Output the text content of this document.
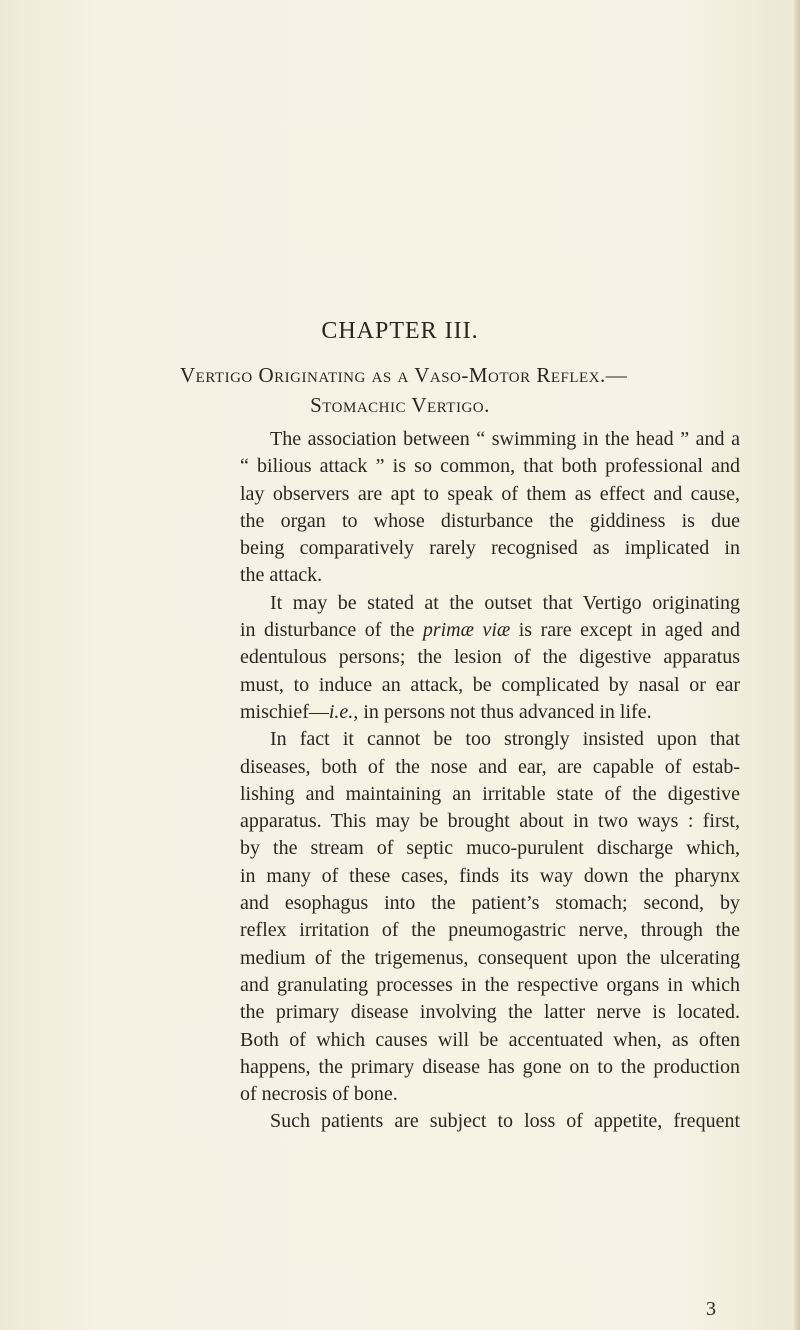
CHAPTER III.
Vertigo Originating as a Vaso-Motor Reflex.—
Stomachic Vertigo.
The association between “ swimming in the head ” and a
“ bilious attack ” is so common, that both professional and
lay observers are apt to speak of them as effect and cause,
the organ to whose disturbance the giddiness is due
being comparatively rarely recognised as implicated in
the attack.
It may be stated at the outset that Vertigo originating
in disturbance of the primæ viæ is rare except in aged and
edentulous persons; the lesion of the digestive apparatus
must, to induce an attack, be complicated by nasal or ear
mischief—i.e., in persons not thus advanced in life.
In fact it cannot be too strongly insisted upon that
diseases, both of the nose and ear, are capable of estab-
lishing and maintaining an irritable state of the digestive
apparatus. This may be brought about in two ways : first,
by the stream of septic muco-purulent discharge which,
in many of these cases, finds its way down the pharynx
and esophagus into the patient’s stomach; second, by
reflex irritation of the pneumogastric nerve, through the
medium of the trigemenus, consequent upon the ulcerating
and granulating processes in the respective organs in which
the primary disease involving the latter nerve is located.
Both of which causes will be accentuated when, as often
happens, the primary disease has gone on to the production
of necrosis of bone.
Such patients are subject to loss of appetite, frequent
3
